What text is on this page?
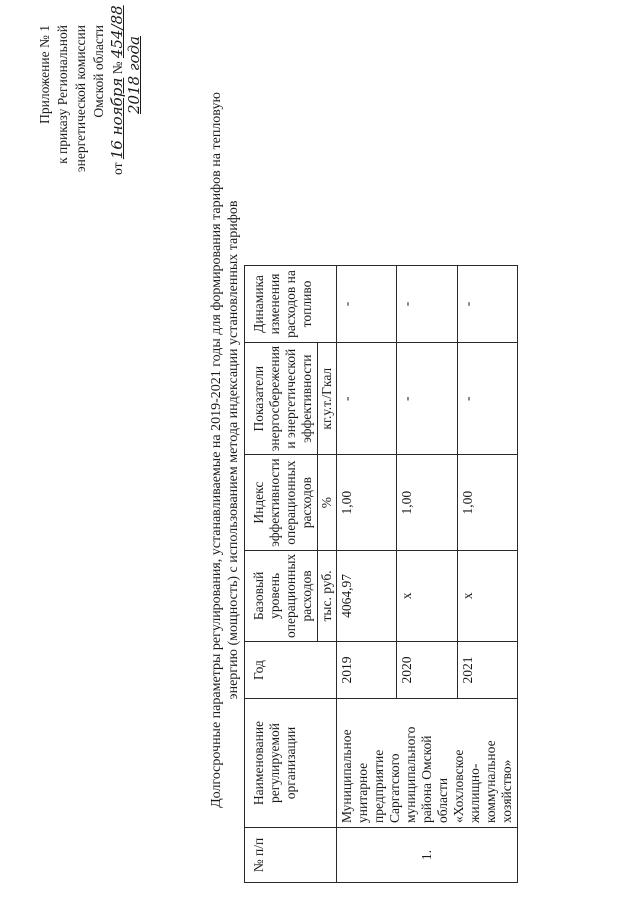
Приложение № 1 к приказу Региональной энергетической комиссии Омской области
от 16 ноября № 454/88
2018 года
Долгосрочные параметры регулирования, устанавливаемые на 2019-2021 годы для формирования тарифов на тепловую энергию (мощность) с использованием метода индексации установленных тарифов
№ п/п	Наименование регулируемой организации	Год	Базовый уровень операционных расходов	Индекс эффективности операционных расходов	Показатели энергосбережения и энергетической эффективности	Динамика изменения расходов на топливо
			тыс. руб.	%	кг.у.т./Гкал	
1.	Муниципальное унитарное предприятие Саргатского муниципального района Омской области «Хохловское жилищно-коммунальное хозяйство»	2019	4064,97	1,00	-	-
		2020	x	1,00	-	-
		2021	x	1,00	-	-
